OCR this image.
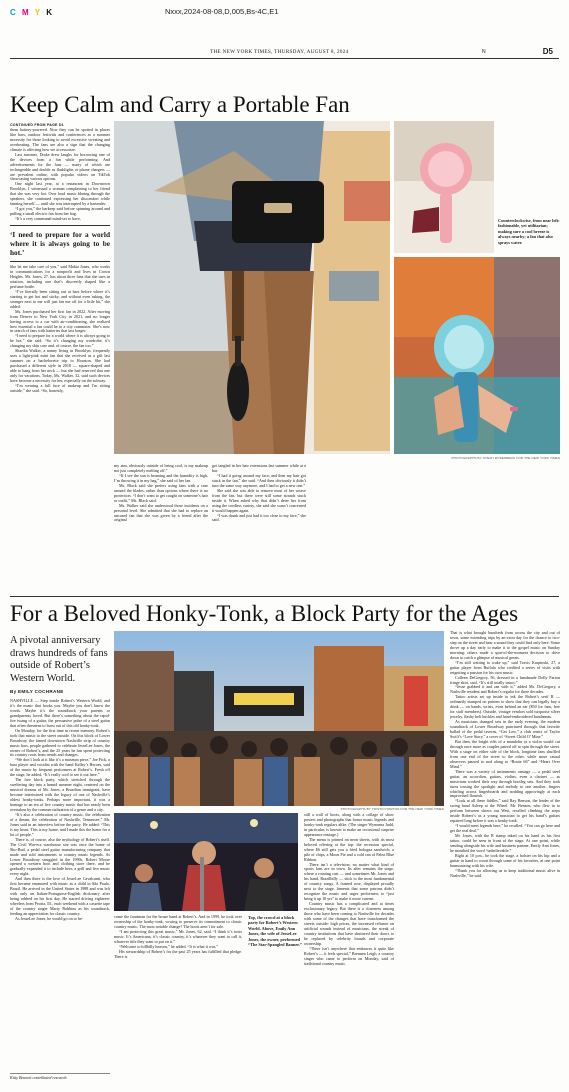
C M Y K	Nxxx,2024-08-08,D,005,Bs-4C,E1
THE NEW YORK TIMES, THURSDAY, AUGUST 8, 2024	N	D5
Keep Calm and Carry a Portable Fan

CONTINUED FROM PAGE D1

them battery-powered. Now they can be spotted in places like bars, outdoor festivals and conferences as a summer necessity for those looking to avoid excessive sweating and overheating. The fans are also a sign that the changing climate is affecting how we accessorize.

Last summer, Drake drew laughs for borrowing one of the devices from a fan while performing. And advertisements for the fans — many of which are rechargeable and double as flashlights or phone chargers — are prevalent online, with popular videos on TikTok showcasing various options.

One night last year, at a restaurant in Downtown Brooklyn, I witnessed a woman complaining to her friend that she was very hot. Over loud music blaring through the speakers, she continued expressing her discomfort while fanning herself — until she was interrupted by a bartender.

“I got you,” the barkeep said before spinning around and pulling a small electric fan from her bag.

“It’s a very communal mind-set to have,

‘I need to prepare for a world where it is always going to be hot.’

like let me take care of you,” said Makia Jones, who works in communications for a nonprofit and lives in Crown Heights. Ms. Jones, 27, has about three fans that she uses in rotation, including one that’s discreetly shaped like a perfume bottle.

“I’ve literally been sitting out at bars before where it’s starting to get hot and sticky, and without even asking, the stranger next to me will just fan me off for a little bit,” she added.

Ms. Jones purchased her first fan in 2022. After moving from Denver to New York City in 2021, and no longer having access to a car with air-conditioning, she realized how essential a fan could be to a city commuter. She’s now in search of fans with batteries that last longer.

“I need to prepare for a world where it is always going to be hot,” she said. “So it’s changing my wardrobe, it’s changing my skin care and, of course, the fan too.”

Shardia Walker, a nanny living in Brooklyn, frequently uses a light-pink mini fan that she received as a gift last summer on a bachelorette trip to Houston. She had purchased a different style in 2018 — square-shaped and able to hang from her neck — but she had reserved that one only for vacations. Today, Ms. Walker, 32, said such devices have become a necessity for her, especially on the subway.

“I’m wearing a full face of makeup and I’m sitting outside,” she said. “So, honestly,

Counterclockwise, from near left: fashionable, yet utilitarian; making sure a cool breeze is always nearby; a fan that also sprays water.
PHOTOGRAPHS BY JONAH ROSENBERG FOR THE NEW YORK TIMES

my aim, obviously outside of being cool, is my makeup not just completely melting off.”

“If I see the sun is beaming and the humidity is high, I’m throwing it in my bag,” she said of her fan.

Ms. Black said she prefers using fans with a case around the blades, rather than options where there is no protection. “I don’t want to get caught on someone’s hair or outfit,” Ms. Black said.

Ms. Walker said she understood those incidents on a personal level. She admitted that she had to replace an uncased fan that she was given by a friend after the original

got tangled in her hair extensions last summer while at a bar.

“I had it going around my face, and then my hair got stuck in the fan,” she said. “And then obviously it didn’t turn the same way anymore, and I had to get a new one.”

She said she was able to remove most of her weave from the fan, but there were still some strands stuck inside it. When asked why that didn’t deter her from using the cordless variety, she said she wasn’t concerned it would happen again.

“I was drunk and just had it too close to my face,” she said.

For a Beloved Honky-Tonk, a Block Party for the Ages
A pivotal anniversary draws hundreds of fans outside of Robert’s Western World.
By EMILY COCHRANE

NASHVILLE — Step inside Robert’s Western World, and it’s the music that hooks you. Maybe you don’t know the words. Maybe it’s the soundtrack your parents or grandparents loved. But there’s something about the rapid-fire twang of a guitar, the persuasive pulse of a steel guitar that often threatens to burst out of this old honky-tonk.

On Monday, for the first time in recent memory, Robert’s took that music to the street outside. On this block of Lower Broadway, the famed downtown Nashville strip of country music bars, people gathered to celebrate JesseLee Jones, the owner of Robert’s, and the 25 years he has spent protecting its country roots from trends and changes.

“We don’t look at it like it’s a museum piece,” Joe Fick, a bass player and vocalist with the band Kelley’s Heroes, said of the music by frequent performers at Robert’s. Fresh off the stage, he added, “It’s really cool to see it out here.”

The free block party, which stretched through the sweltering day into a humid summer night, centered on the musical dreams of Mr. Jones, a Brazilian immigrant, have become intertwined with the legacy of one of Nashville’s oldest honky-tonks. Perhaps more important, it was a homage to an era of live country music that has nearly been overtaken by the commercialization of a genre and a city.

“It’s also a celebration of country music, the celebration of a dream, the celebration of Nashville, Tennessee,” Mr. Jones said in an interview before the party. He added: “This is my heart. This is my home, and I made this the home for a lot of people.”

There is, of course, also the mythology of Robert’s itself. The Civil War-era warehouse site was once the home of Sho-Bud, a pedal steel guitar manufacturing company that made and sold instruments to country music legends. As Lower Broadway struggled in the 1990s, Robert Moore opened a western boot and clothing store there, and he gradually expanded it to include beer, a grill and live music every night.

And then there is the love of JesseLee Cavalcanti, who first became enamored with music as a child in São Paulo, Brazil. He arrived in the United States in 1988 and was left with only an Italian-Portuguese-English dictionary after being robbed on his first day. He started driving eighteen-wheelers from Peoria, Ill., each weekend with a cassette tape of the country singer Marty Robbins as his soundtrack, feeding an appreciation for classic country.

As JesseLee Jones, he would go on to be-

Kitty Bennett contributed research.
PHOTOGRAPHS BY TRISTIN HORTON FOR THE NEW YORK TIMES
Top, the crowd at a block party for Robert’s Western World. Above, Emily Ann Jones, the wife of JesseLee Jones, the owner, performed “The Star-Spangled Banner.”

come the frontman for the house band at Robert’s. And in 1999, he took over ownership of the honky-tonk, vowing to preserve its commitment to classic country music. The most notable change? The boots aren’t for sale.

“I am protecting this great music,” Mr. Jones, 62, said. “I think it’s roots music. It’s Americana, it’s classic country, it’s whatever they want to call it, whatever title they want to put on it.”

“Welcome to hillbilly heaven,” he added. “It is what it was.”

His stewardship of Robert’s for the past 25 years has fulfilled that pledge. There is

still a wall of boots, along with a collage of show posters and photographs that honor music legends and honky-tonk regulars alike. (The singer Wynonna Judd, in particular, is known to make an occasional surprise appearance onstage.)

The menu is printed on neon sheets, with its most beloved offering at the top: the recession special, where $6 still gets you a fried bologna sandwich, a pile of chips, a Moon Pie and a cold can of Pabst Blue Ribbon.

There isn’t a television, no matter what kind of sports fans are in town. Its alter remains the stage, where a rotating cast — and sometimes Mr. Jones and his band, Brazilbilly — stick to the most fundamental of country songs. A framed rose, displayed proudly next to the stage, laments that some patrons didn’t recognize the music and urges performers to “just bring it up 10 yrs” to make it more current.

Country music has a complicated and at times exclusionary legacy. But there is a closeness among those who have been coming to Nashville for decades with some of the changes that have transformed the streets outside: high prices, the increased reliance on artificial sounds instead of musicians, the streak of country institutions that have shuttered their doors to be replaced by celebrity brands and corporate ownership.

“There isn’t anywhere that embraces it quite like Robert’s — it feels special,” Brennen Leigh, a country singer who came to perform on Monday, said of traditional country music.

That is what brought hundreds from across the city and out of town, some extending trips by an extra day for the chance to two-step on the street and hear a sound they could find only here. Some drove up a day early to make it to the gospel music on Sunday morning; others made a spur-of-the-moment decision to drive down to catch a glimpse of musical greats.

“I’m still waiting to wake up,” said Travis Krupinski, 27, a guitar player from Buffalo who credited a series of visits with reigniting a passion for his own music.

Colleen DeGregory, 56, dressed in a handmade Dolly Parton fringe skirt, said, “It’s still totally intact.”

“Jesse grabbed it and ran with it,” added Ms. DeGregory, a Nashville resident and Robert’s regular for three decades.

Tattoo artists set up inside to ink the Robert’s serif R — ordinarily stamped on patrons to show that they can legally buy a drink — on hands, wrists, even behind an ear ($50 for fans, free for staff members). Outside, vintage vendors sold turquoise silver jewelry, flashy belt buckles and hand-embroidered bandannas.

As musicians changed sets in the early evening, the modern soundtrack of Lower Broadway punctured through: that favorite ballad of the pedal taverns, “Get Low,” a club remix of Taylor Swift’s “Love Story,” a cover of “Sweet Child O’ Mine.”

But then, the bright riffs of a mandolin or a violin would cut through once more as couples paired off to spin through the street. With a stage on either side of the block, longtime fans shuffled from one end of the street to the other, while more casual observers paused to nod along to “Route 66” and “Heart Over Mind.”

There was a variety of instruments onstage — a pedal steel guitar, an accordion, guitars, violins, even a clarinet — as musicians worked their way through bootleg sets. And they took turns tossing the spotlight and melody to one another, fingers whirling across fingerboards and nodding approvingly at each improvised flourish.

“Look at all these fiddles,” said Ray Benson, the leader of the swing band Asleep at the Wheel. Mr. Benson, who flew in to perform between shows out West, recalled climbing the steps inside Robert’s as a young musician to get his band’s guitars repaired long before it was a honky-tonk.

“I would meet legends here,” he recalled. “You can go here and get the real deal.”

Mr. Jones, with the R stamp inked on his hand as his first tattoo, could be seen in front of the stage. At one point, while sending alongside his wife and business partner, Emily Ann Jones, he mouthed the word “unbelievable.”

Right at 10 p.m., he took the stage, a holster on his hip and a guitar in hand to croon through some of his favorites, at one point harmonizing with his wife.

“Thank you for allowing us to keep traditional music alive in Nashville,” he said.
